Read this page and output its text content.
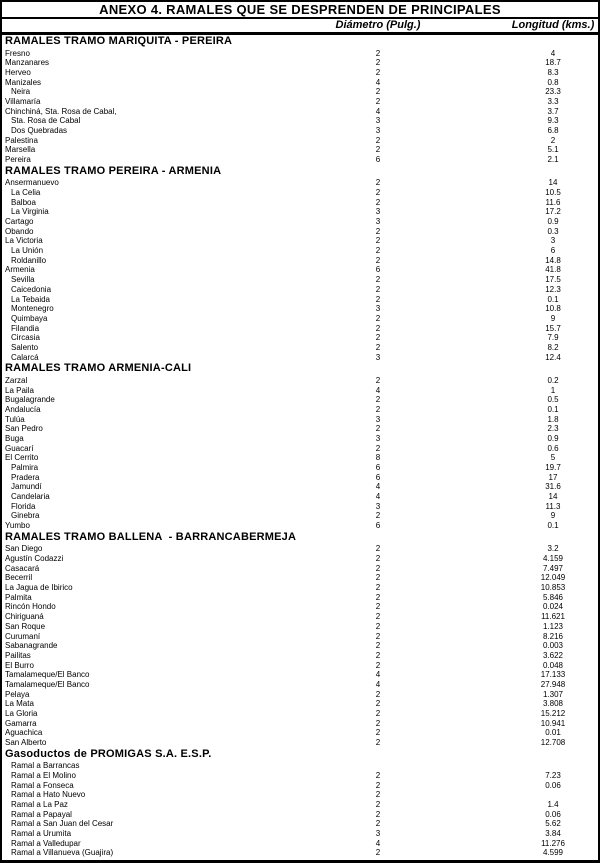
ANEXO 4. RAMALES QUE SE DESPRENDEN DE PRINCIPALES
Diámetro (Pulg.)	Longitud (kms.)
RAMALES TRAMO MARIQUITA - PEREIRA
Fresno	2	4
Manzanares	2	18.7
Herveo	2	8.3
Manizales	4	0.8
Neira	2	23.3
Villamaría	2	3.3
Chinchiná, Sta. Rosa de Cabal,	4	3.7
Sta. Rosa de Cabal	3	9.3
Dos Quebradas	3	6.8
Palestina	2	2
Marsella	2	5.1
Pereira	6	2.1
RAMALES TRAMO PEREIRA - ARMENIA
Ansermanuevo	2	14
La Celia	2	10.5
Balboa	2	11.6
La Virginia	3	17.2
Cartago	3	0.9
Obando	2	0.3
La Victoria	2	3
La Unión	2	6
Roldanillo	2	14.8
Armenia	6	41.8
Sevilla	2	17.5
Caicedonia	2	12.3
La Tebaida	2	0.1
Montenegro	3	10.8
Quimbaya	2	9
Filandia	2	15.7
Circasia	2	7.9
Salento	2	8.2
Calarcá	3	12.4
RAMALES TRAMO ARMENIA-CALI
Zarzal	2	0.2
La Paila	4	1
Bugalagrande	2	0.5
Andalucía	2	0.1
Tulúa	3	1.8
San Pedro	2	2.3
Buga	3	0.9
Guacarí	2	0.6
El Cerrito	8	5
Palmira	6	19.7
Pradera	6	17
Jamundí	4	31.6
Candelaria	4	14
Florida	3	11.3
Ginebra	2	9
Yumbo	6	0.1
RAMALES TRAMO BALLENA  - BARRANCABERMEJA
San Diego	2	3.2
Agustín Codazzi	2	4.159
Casacará	2	7.497
Becerril	2	12.049
La Jagua de Ibirico	2	10.853
Palmita	2	5.846
Rincón Hondo	2	0.024
Chiriguaná	2	11.621
San Roque	2	1.123
Curumaní	2	8.216
Sabanagrande	2	0.003
Pailitas	2	3.622
El Burro	2	0.048
Tamalameque/El Banco	4	17.133
Tamalameque/El Banco	4	27.948
Pelaya	2	1.307
La Mata	2	3.808
La Gloria	2	15.212
Gamarra	2	10.941
Aguachica	2	0.01
San Alberto	2	12.708
Gasoductos de PROMIGAS S.A. E.S.P.
Ramal a Barrancas
Ramal a El Molino	2	7.23
Ramal a Fonseca	2	0.06
Ramal a Hato Nuevo	2
Ramal a La Paz	2	1.4
Ramal a Papayal	2	0.06
Ramal a San Juan del Cesar	2	5.62
Ramal a Urumita	3	3.84
Ramal a Valledupar	4	11.276
Ramal a Villanueva (Guajira)	2	4.599
